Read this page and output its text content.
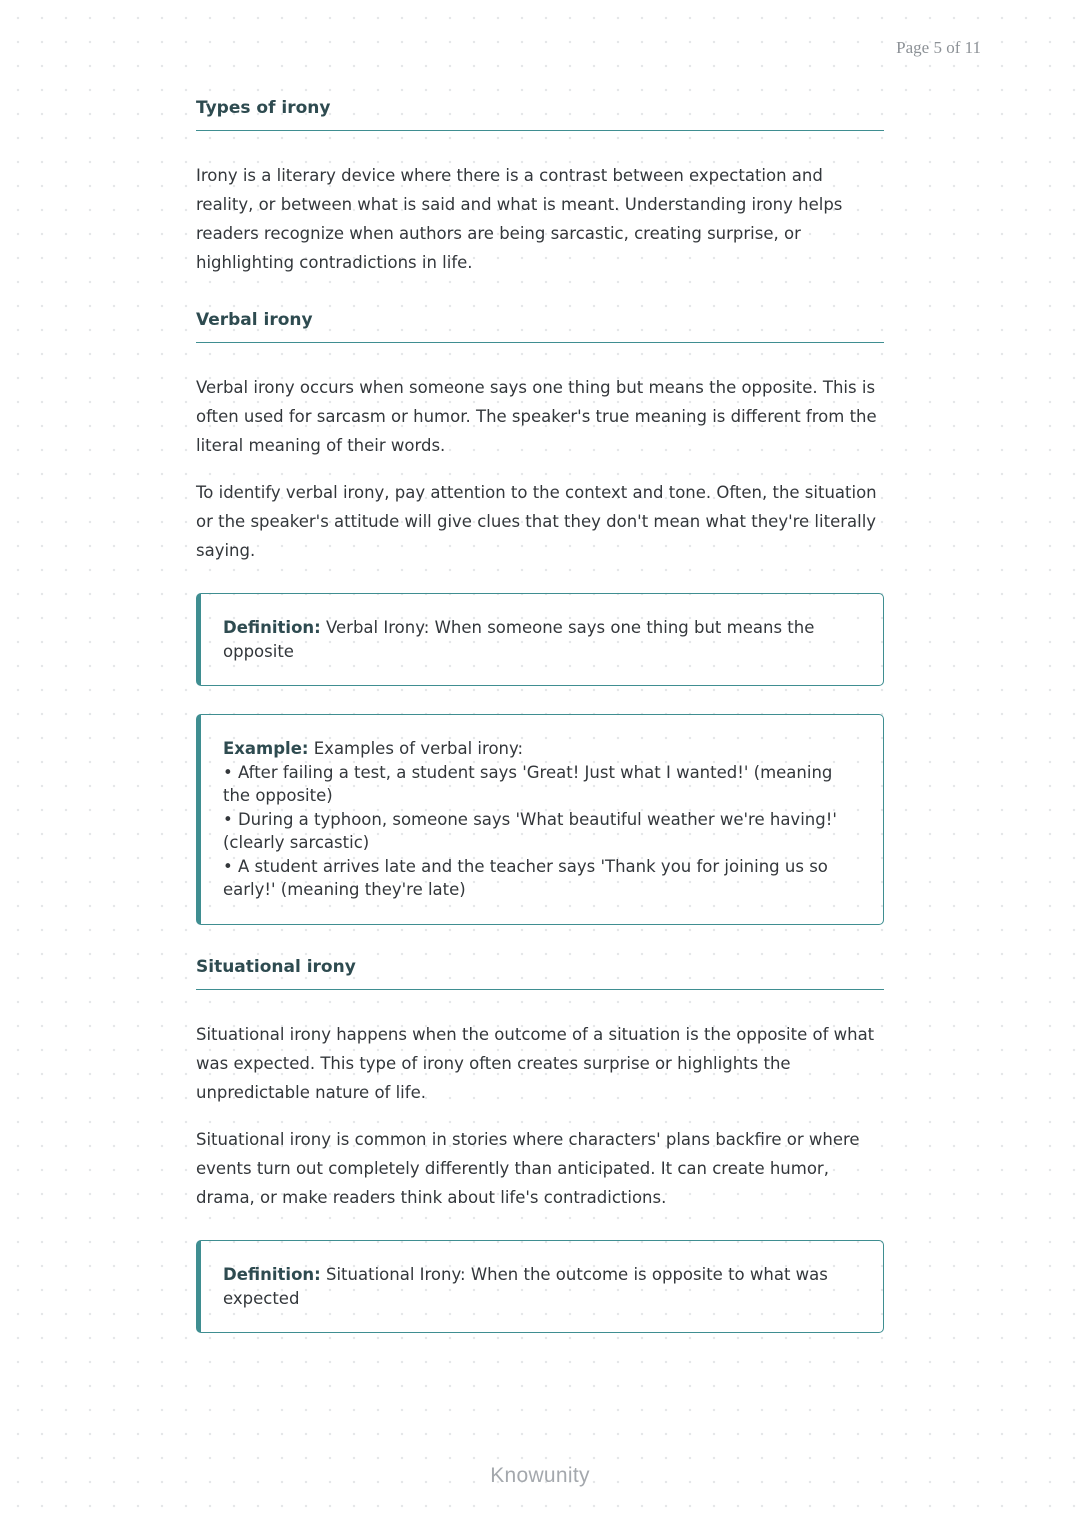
Page 5 of 11
Types of irony

Irony is a literary device where there is a contrast between expectation and reality, or between what is said and what is meant. Understanding irony helps readers recognize when authors are being sarcastic, creating surprise, or highlighting contradictions in life.

Verbal irony

Verbal irony occurs when someone says one thing but means the opposite. This is often used for sarcasm or humor. The speaker's true meaning is different from the literal meaning of their words.

To identify verbal irony, pay attention to the context and tone. Often, the situation or the speaker's attitude will give clues that they don't mean what they're literally saying.

Definition: Verbal Irony: When someone says one thing but means the opposite
Example: Examples of verbal irony:
• After failing a test, a student says 'Great! Just what I wanted!' (meaning the opposite)
• During a typhoon, someone says 'What beautiful weather we're having!' (clearly sarcastic)
• A student arrives late and the teacher says 'Thank you for joining us so early!' (meaning they're late)
Situational irony

Situational irony happens when the outcome of a situation is the opposite of what was expected. This type of irony often creates surprise or highlights the unpredictable nature of life.

Situational irony is common in stories where characters' plans backfire or where events turn out completely differently than anticipated. It can create humor, drama, or make readers think about life's contradictions.

Definition: Situational Irony: When the outcome is opposite to what was expected
Knowunity
